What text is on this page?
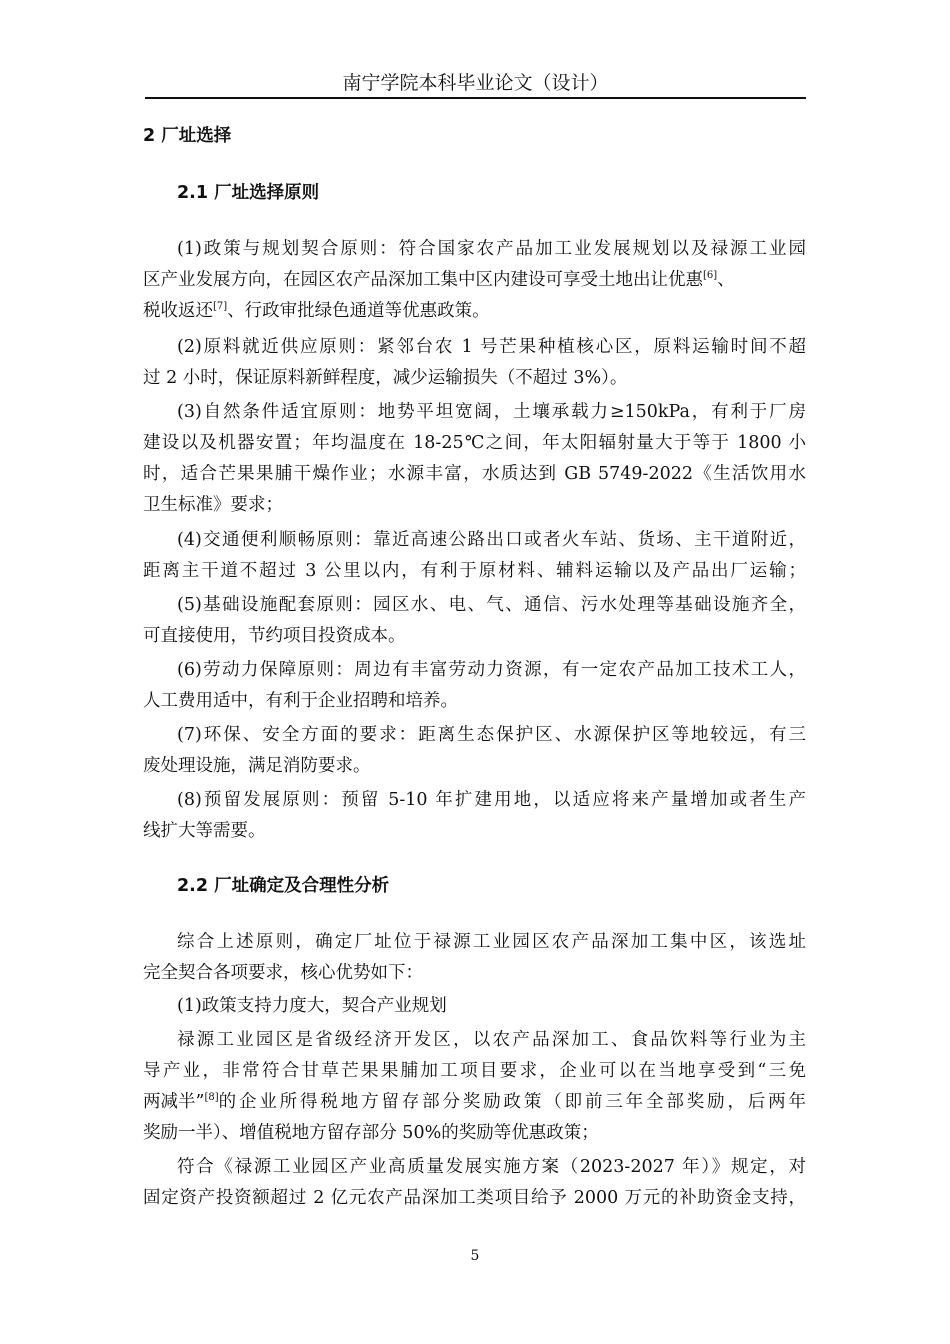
南宁学院本科毕业论文（设计）
2 厂址选择
2.1 厂址选择原则
(1)政策与规划契合原则：符合国家农产品加工业发展规划以及禄源工业园
区产业发展方向，在园区农产品深加工集中区内建设可享受土地出让优惠[6]、
税收返还[7]、行政审批绿色通道等优惠政策。
(2)原料就近供应原则：紧邻台农 1 号芒果种植核心区，原料运输时间不超
过 2 小时，保证原料新鲜程度，减少运输损失（不超过 3%）。
(3)自然条件适宜原则：地势平坦宽阔，土壤承载力≥150kPa，有利于厂房
建设以及机器安置；年均温度在 18-25℃之间，年太阳辐射量大于等于 1800 小
时，适合芒果果脯干燥作业；水源丰富，水质达到 GB 5749-2022《生活饮用水
卫生标准》要求；
(4)交通便利顺畅原则：靠近高速公路出口或者火车站、货场、主干道附近，
距离主干道不超过 3 公里以内，有利于原材料、辅料运输以及产品出厂运输；
(5)基础设施配套原则：园区水、电、气、通信、污水处理等基础设施齐全，
可直接使用，节约项目投资成本。
(6)劳动力保障原则：周边有丰富劳动力资源，有一定农产品加工技术工人，
人工费用适中，有利于企业招聘和培养。
(7)环保、安全方面的要求：距离生态保护区、水源保护区等地较远，有三
废处理设施，满足消防要求。
(8)预留发展原则：预留 5-10 年扩建用地，以适应将来产量增加或者生产
线扩大等需要。
2.2 厂址确定及合理性分析
综合上述原则，确定厂址位于禄源工业园区农产品深加工集中区，该选址
完全契合各项要求，核心优势如下：
(1)政策支持力度大，契合产业规划
禄源工业园区是省级经济开发区，以农产品深加工、食品饮料等行业为主
导产业，非常符合甘草芒果果脯加工项目要求，企业可以在当地享受到“三免
两减半”[8] 的企业所得税地方留存部分奖励政策（即前三年全部奖励，后两年
奖励一半）、增值税地方留存部分 50%的奖励等优惠政策；
符合《禄源工业园区产业高质量发展实施方案（2023-2027 年）》规定，对
固定资产投资额超过 2 亿元农产品深加工类项目给予 2000 万元的补助资金支持，
5
